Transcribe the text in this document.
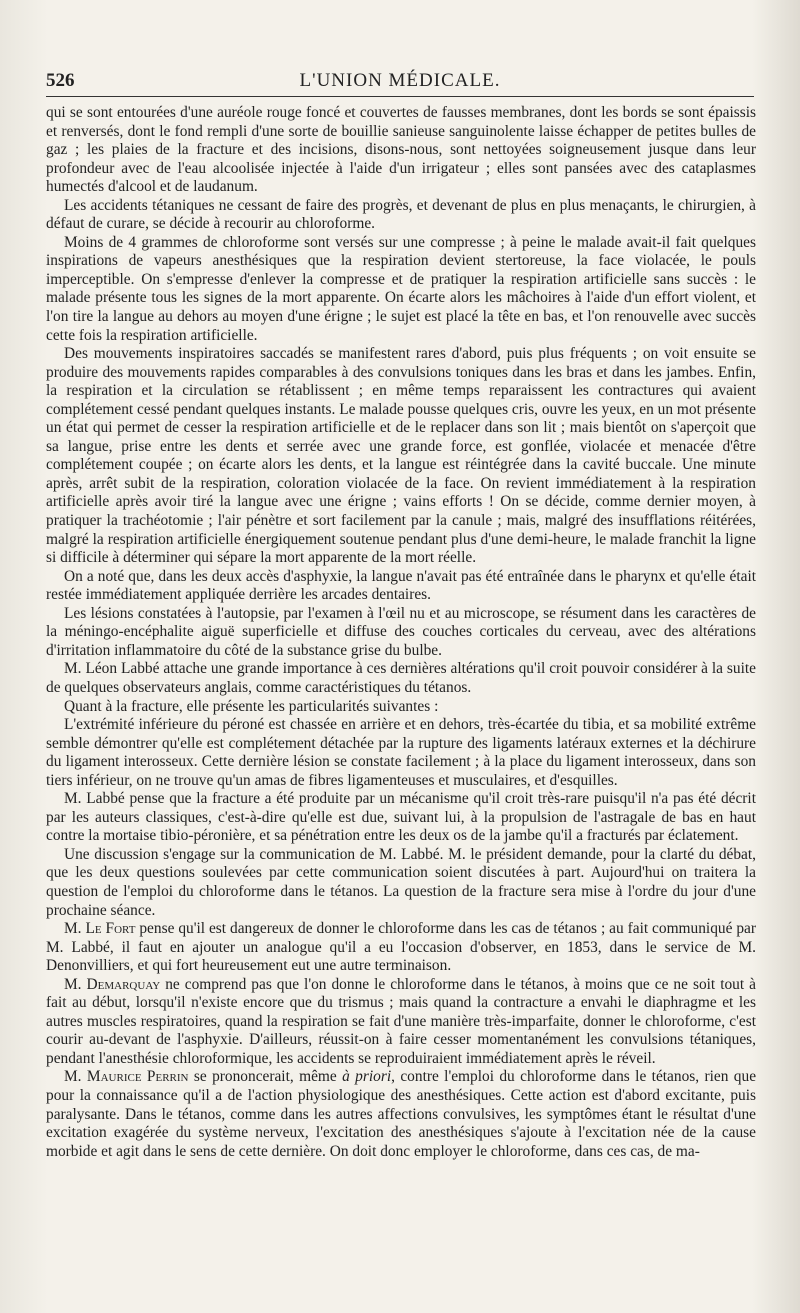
526	L'UNION MÉDICALE.

qui se sont entourées d'une auréole rouge foncé et couvertes de fausses membranes, dont les bords se sont épaissis et renversés, dont le fond rempli d'une sorte de bouillie sanieuse sanguinolente laisse échapper de petites bulles de gaz ; les plaies de la fracture et des incisions, disons-nous, sont nettoyées soigneusement jusque dans leur profondeur avec de l'eau alcoolisée injectée à l'aide d'un irrigateur ; elles sont pansées avec des cataplasmes humectés d'alcool et de laudanum.

Les accidents tétaniques ne cessant de faire des progrès, et devenant de plus en plus menaçants, le chirurgien, à défaut de curare, se décide à recourir au chloroforme.

Moins de 4 grammes de chloroforme sont versés sur une compresse ; à peine le malade avait-il fait quelques inspirations de vapeurs anesthésiques que la respiration devient stertoreuse, la face violacée, le pouls imperceptible. On s'empresse d'enlever la compresse et de pratiquer la respiration artificielle sans succès : le malade présente tous les signes de la mort apparente. On écarte alors les mâchoires à l'aide d'un effort violent, et l'on tire la langue au dehors au moyen d'une érigne ; le sujet est placé la tête en bas, et l'on renouvelle avec succès cette fois la respiration artificielle.

Des mouvements inspiratoires saccadés se manifestent rares d'abord, puis plus fréquents ; on voit ensuite se produire des mouvements rapides comparables à des convulsions toniques dans les bras et dans les jambes. Enfin, la respiration et la circulation se rétablissent ; en même temps reparaissent les contractures qui avaient complétement cessé pendant quelques instants. Le malade pousse quelques cris, ouvre les yeux, en un mot présente un état qui permet de cesser la respiration artificielle et de le replacer dans son lit ; mais bientôt on s'aperçoit que sa langue, prise entre les dents et serrée avec une grande force, est gonflée, violacée et menacée d'être complétement coupée ; on écarte alors les dents, et la langue est réintégrée dans la cavité buccale. Une minute après, arrêt subit de la respiration, coloration violacée de la face. On revient immédiatement à la respiration artificielle après avoir tiré la langue avec une érigne ; vains efforts ! On se décide, comme dernier moyen, à pratiquer la trachéotomie ; l'air pénètre et sort facilement par la canule ; mais, malgré des insufflations réitérées, malgré la respiration artificielle énergiquement soutenue pendant plus d'une demi-heure, le malade franchit la ligne si difficile à déterminer qui sépare la mort apparente de la mort réelle.

On a noté que, dans les deux accès d'asphyxie, la langue n'avait pas été entraînée dans le pharynx et qu'elle était restée immédiatement appliquée derrière les arcades dentaires.

Les lésions constatées à l'autopsie, par l'examen à l'œil nu et au microscope, se résument dans les caractères de la méningo-encéphalite aiguë superficielle et diffuse des couches corticales du cerveau, avec des altérations d'irritation inflammatoire du côté de la substance grise du bulbe.

M. Léon Labbé attache une grande importance à ces dernières altérations qu'il croit pouvoir considérer à la suite de quelques observateurs anglais, comme caractéristiques du tétanos.

Quant à la fracture, elle présente les particularités suivantes :

L'extrémité inférieure du péroné est chassée en arrière et en dehors, très-écartée du tibia, et sa mobilité extrême semble démontrer qu'elle est complétement détachée par la rupture des ligaments latéraux externes et la déchirure du ligament interosseux. Cette dernière lésion se constate facilement ; à la place du ligament interosseux, dans son tiers inférieur, on ne trouve qu'un amas de fibres ligamenteuses et musculaires, et d'esquilles.

M. Labbé pense que la fracture a été produite par un mécanisme qu'il croit très-rare puisqu'il n'a pas été décrit par les auteurs classiques, c'est-à-dire qu'elle est due, suivant lui, à la propulsion de l'astragale de bas en haut contre la mortaise tibio-péronière, et sa pénétration entre les deux os de la jambe qu'il a fracturés par éclatement.

Une discussion s'engage sur la communication de M. Labbé. M. le président demande, pour la clarté du débat, que les deux questions soulevées par cette communication soient discutées à part. Aujourd'hui on traitera la question de l'emploi du chloroforme dans le tétanos. La question de la fracture sera mise à l'ordre du jour d'une prochaine séance.

M. Le Fort pense qu'il est dangereux de donner le chloroforme dans les cas de tétanos ; au fait communiqué par M. Labbé, il faut en ajouter un analogue qu'il a eu l'occasion d'observer, en 1853, dans le service de M. Denonvilliers, et qui fort heureusement eut une autre terminaison.

M. Demarquay ne comprend pas que l'on donne le chloroforme dans le tétanos, à moins que ce ne soit tout à fait au début, lorsqu'il n'existe encore que du trismus ; mais quand la contracture a envahi le diaphragme et les autres muscles respiratoires, quand la respiration se fait d'une manière très-imparfaite, donner le chloroforme, c'est courir au-devant de l'asphyxie. D'ailleurs, réussit-on à faire cesser momentanément les convulsions tétaniques, pendant l'anesthésie chloroformique, les accidents se reproduiraient immédiatement après le réveil.

M. Maurice Perrin se prononcerait, même à priori, contre l'emploi du chloroforme dans le tétanos, rien que pour la connaissance qu'il a de l'action physiologique des anesthésiques. Cette action est d'abord excitante, puis paralysante. Dans le tétanos, comme dans les autres affections convulsives, les symptômes étant le résultat d'une excitation exagérée du système nerveux, l'excitation des anesthésiques s'ajoute à l'excitation née de la cause morbide et agit dans le sens de cette dernière. On doit donc employer le chloroforme, dans ces cas, de ma-
